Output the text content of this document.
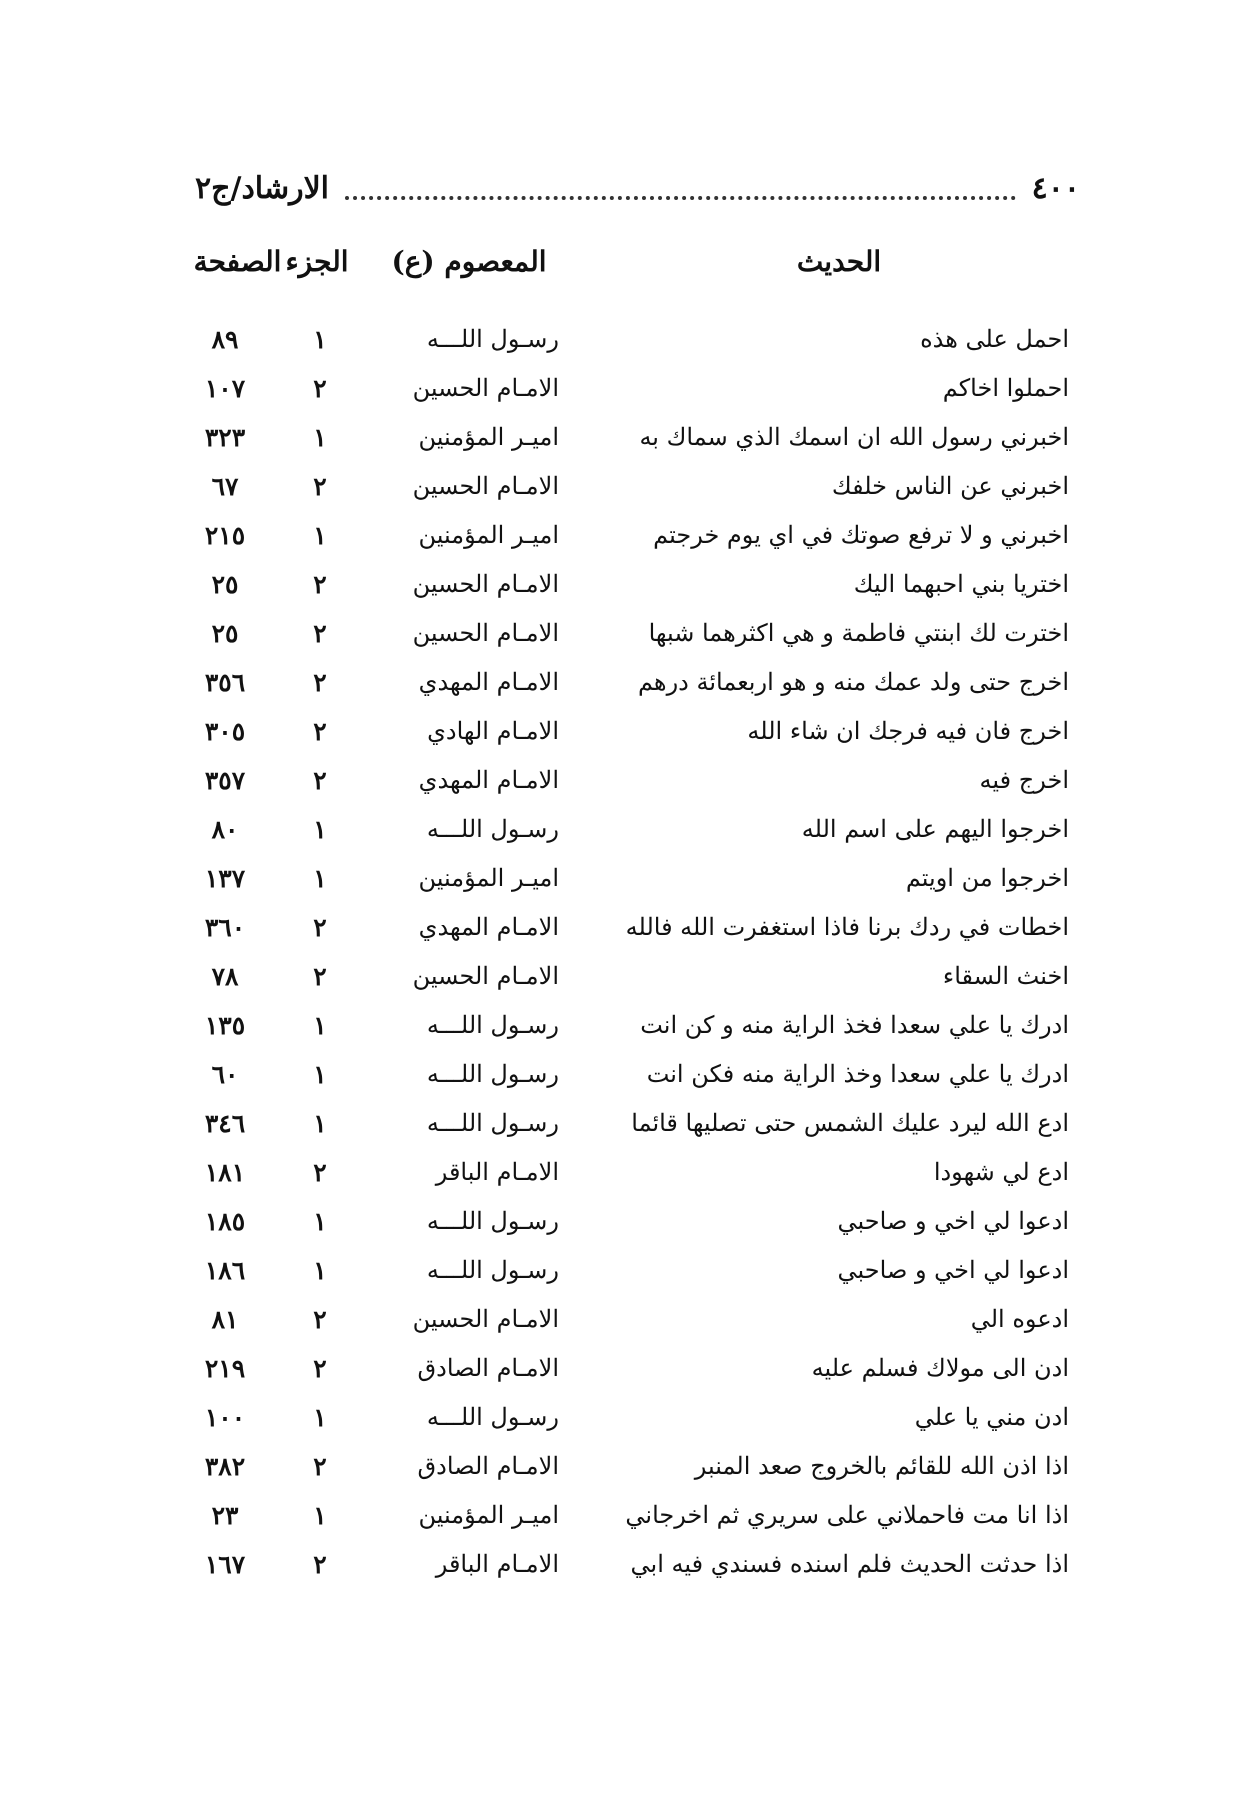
٤٠٠
الارشاد/ج٢
الحديث
المعصوم (ع)
الجزء
الصفحة
احمل على هذه
رسـول اللـــه
١
٨٩
احملوا اخاكم
الامـام الحسين
٢
١٠٧
اخبرني رسول الله ان اسمك الذي سماك به
اميـر المؤمنين
١
٣٢٣
اخبرني عن الناس خلفك
الامـام الحسين
٢
٦٧
اخبرني و لا ترفع صوتك في اي يوم خرجتم
اميـر المؤمنين
١
٢١٥
اختريا بني احبهما اليك
الامـام الحسين
٢
٢٥
اخترت لك ابنتي فاطمة و هي اكثرهما شبها
الامـام الحسين
٢
٢٥
اخرج حتى ولد عمك منه و هو اربعمائة درهم
الامـام المهدي
٢
٣٥٦
اخرج فان فيه فرجك ان شاء الله
الامـام الهادي
٢
٣٠٥
اخرج فيه
الامـام المهدي
٢
٣٥٧
اخرجوا اليهم على اسم الله
رسـول اللـــه
١
٨٠
اخرجوا من اويتم
اميـر المؤمنين
١
١٣٧
اخطات في ردك برنا فاذا استغفرت الله فالله
الامـام المهدي
٢
٣٦٠
اخنث السقاء
الامـام الحسين
٢
٧٨
ادرك يا علي سعدا فخذ الراية منه و كن انت
رسـول اللـــه
١
١٣٥
ادرك يا علي سعدا وخذ الراية منه فكن انت
رسـول اللـــه
١
٦٠
ادع الله ليرد عليك الشمس حتى تصليها قائما
رسـول اللـــه
١
٣٤٦
ادع لي شهودا
الامـام الباقر
٢
١٨١
ادعوا لي اخي و صاحبي
رسـول اللـــه
١
١٨٥
ادعوا لي اخي و صاحبي
رسـول اللـــه
١
١٨٦
ادعوه الي
الامـام الحسين
٢
٨١
ادن الى مولاك فسلم عليه
الامـام الصادق
٢
٢١٩
ادن مني يا علي
رسـول اللـــه
١
١٠٠
اذا اذن الله للقائم بالخروج صعد المنبر
الامـام الصادق
٢
٣٨٢
اذا انا مت فاحملاني على سريري ثم اخرجاني
اميـر المؤمنين
١
٢٣
اذا حدثت الحديث فلم اسنده فسندي فيه ابي
الامـام الباقر
٢
١٦٧
